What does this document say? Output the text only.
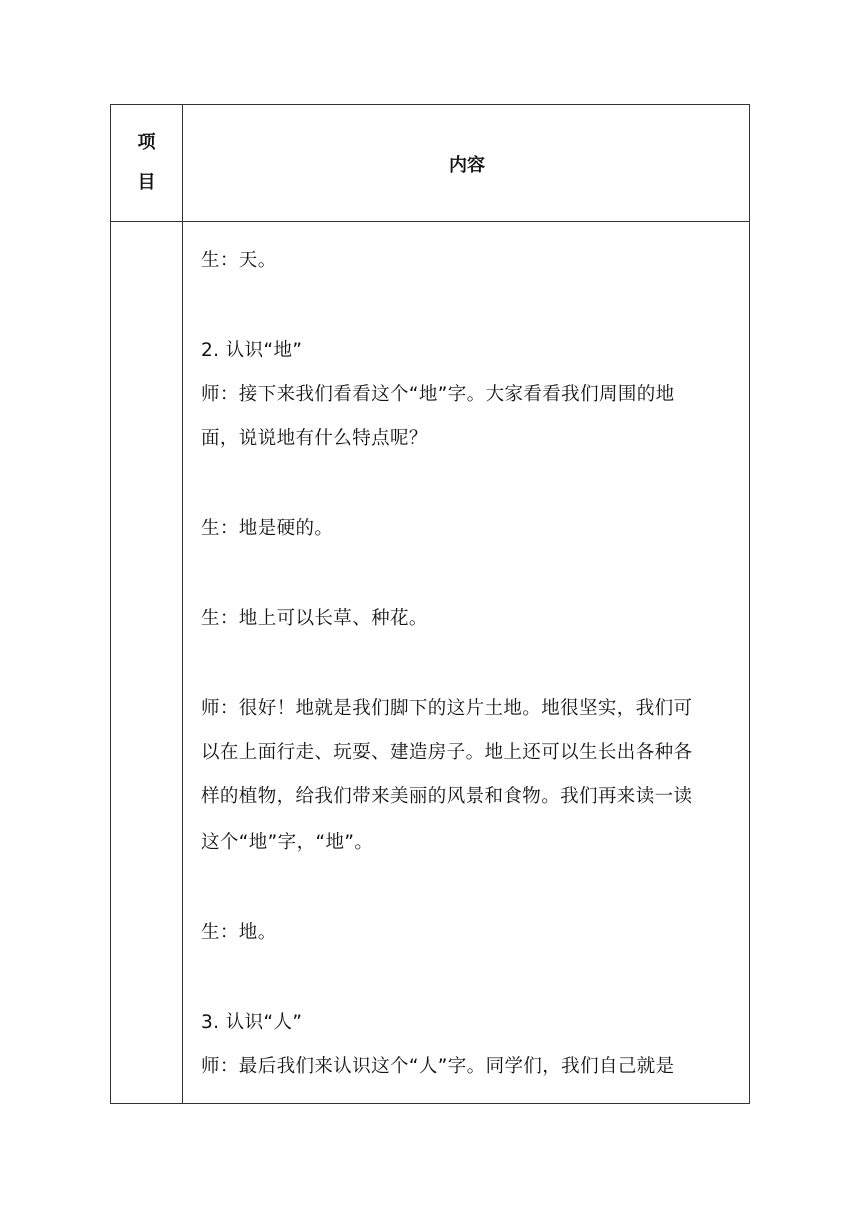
项
目
内容
生：天。
2. 认识“地”
师：接下来我们看看这个“地”字。大家看看我们周围的地
面，说说地有什么特点呢？
生：地是硬的。
生：地上可以长草、种花。
师：很好！地就是我们脚下的这片土地。地很坚实，我们可
以在上面行走、玩耍、建造房子。地上还可以生长出各种各
样的植物，给我们带来美丽的风景和食物。我们再来读一读
这个“地”字，“地”。
生：地。
3. 认识“人”
师：最后我们来认识这个“人”字。同学们，我们自己就是
